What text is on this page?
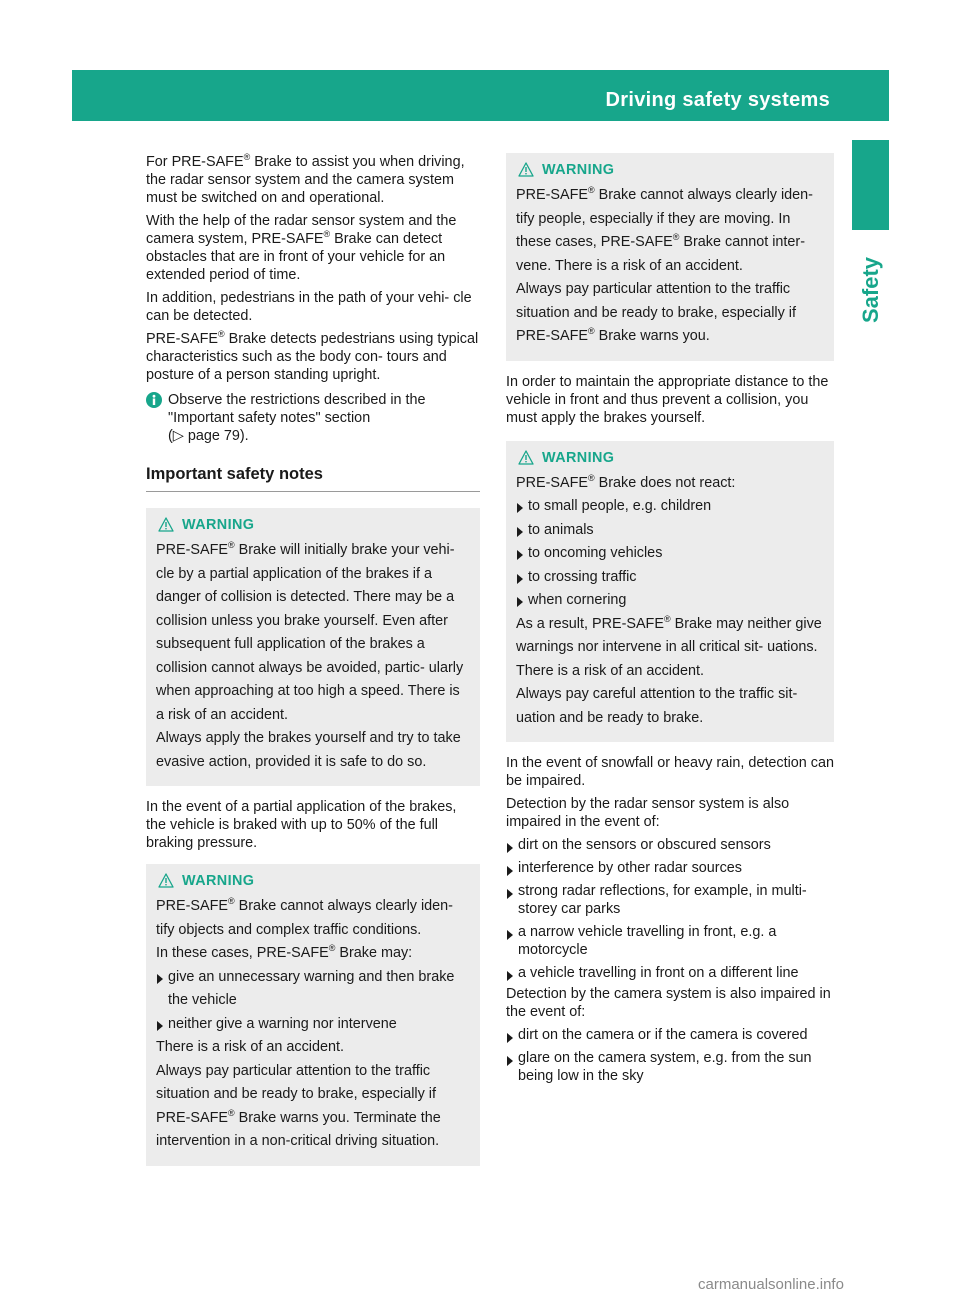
Driving safety systems	79
Safety

For PRE-SAFE® Brake to assist you when driving, the radar sensor system and the camera system must be switched on and operational.

With the help of the radar sensor system and the camera system, PRE-SAFE® Brake can detect obstacles that are in front of your vehicle for an extended period of time.

In addition, pedestrians in the path of your vehi- cle can be detected.

PRE-SAFE® Brake detects pedestrians using typical characteristics such as the body con- tours and posture of a person standing upright.

Observe the restrictions described in the "Important safety notes" section
(▷ page 79).
Important safety notes
WARNING

PRE-SAFE® Brake will initially brake your vehi- cle by a partial application of the brakes if a danger of collision is detected. There may be a collision unless you brake yourself. Even after subsequent full application of the brakes a collision cannot always be avoided, partic- ularly when approaching at too high a speed. There is a risk of an accident.

Always apply the brakes yourself and try to take evasive action, provided it is safe to do so.

In the event of a partial application of the brakes, the vehicle is braked with up to 50% of the full braking pressure.

WARNING

PRE-SAFE® Brake cannot always clearly iden- tify objects and complex traffic conditions.

In these cases, PRE-SAFE® Brake may:

give an unnecessary warning and then brake the vehicle
neither give a warning nor intervene

There is a risk of an accident.

Always pay particular attention to the traffic situation and be ready to brake, especially if PRE-SAFE® Brake warns you. Terminate the intervention in a non-critical driving situation.

WARNING

PRE-SAFE® Brake cannot always clearly iden- tify people, especially if they are moving. In these cases, PRE-SAFE® Brake cannot inter- vene. There is a risk of an accident.

Always pay particular attention to the traffic situation and be ready to brake, especially if PRE-SAFE® Brake warns you.

In order to maintain the appropriate distance to the vehicle in front and thus prevent a collision, you must apply the brakes yourself.

WARNING

PRE-SAFE® Brake does not react:

to small people, e.g. children
to animals
to oncoming vehicles
to crossing traffic
when cornering

As a result, PRE-SAFE® Brake may neither give warnings nor intervene in all critical sit- uations. There is a risk of an accident.

Always pay careful attention to the traffic sit- uation and be ready to brake.

In the event of snowfall or heavy rain, detection can be impaired.

Detection by the radar sensor system is also impaired in the event of:

dirt on the sensors or obscured sensors
interference by other radar sources
strong radar reflections, for example, in multi- storey car parks
a narrow vehicle travelling in front, e.g. a motorcycle
a vehicle travelling in front on a different line

Detection by the camera system is also impaired in the event of:

dirt on the camera or if the camera is covered
glare on the camera system, e.g. from the sun being low in the sky
carmanualsonline.info
